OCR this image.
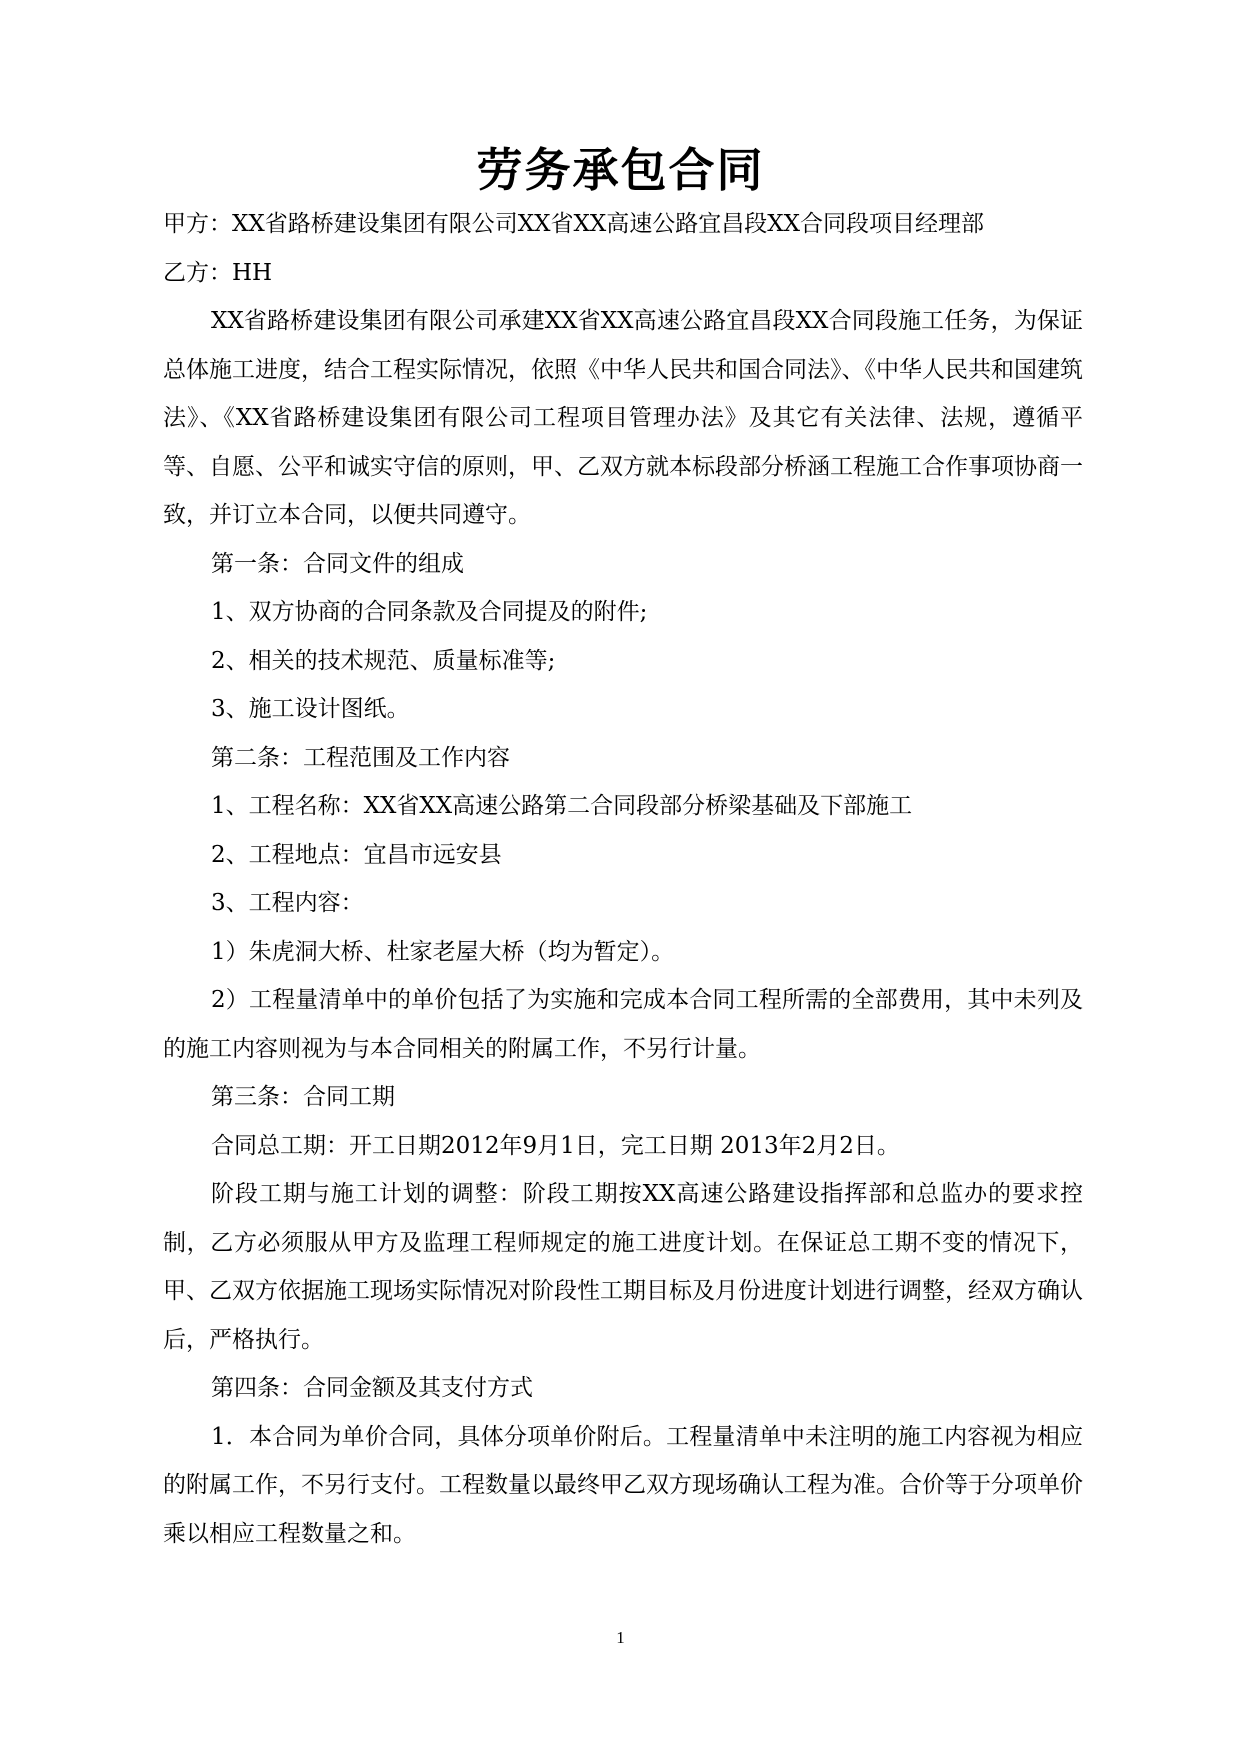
劳务承包合同

甲方：XX省路桥建设集团有限公司XX省XX高速公路宜昌段XX合同段项目经理部

乙方：HH

XX省路桥建设集团有限公司承建XX省XX高速公路宜昌段XX合同段施工任务，为保证总体施工进度，结合工程实际情况，依照《中华人民共和国合同法》、《中华人民共和国建筑法》、《XX省路桥建设集团有限公司工程项目管理办法》及其它有关法律、法规，遵循平等、自愿、公平和诚实守信的原则，甲、乙双方就本标段部分桥涵工程施工合作事项协商一致，并订立本合同，以便共同遵守。

第一条：合同文件的组成

1、双方协商的合同条款及合同提及的附件;

2、相关的技术规范、质量标准等;

3、施工设计图纸。

第二条：工程范围及工作内容

1、工程名称：XX省XX高速公路第二合同段部分桥梁基础及下部施工

2、工程地点：宜昌市远安县

3、工程内容：

1）朱虎洞大桥、杜家老屋大桥（均为暂定）。

2）工程量清单中的单价包括了为实施和完成本合同工程所需的全部费用，其中未列及的施工内容则视为与本合同相关的附属工作，不另行计量。

第三条：合同工期

合同总工期：开工日期2012年9月1日，完工日期 2013年2月2日。

阶段工期与施工计划的调整：阶段工期按XX高速公路建设指挥部和总监办的要求控制，乙方必须服从甲方及监理工程师规定的施工进度计划。在保证总工期不变的情况下，甲、乙双方依据施工现场实际情况对阶段性工期目标及月份进度计划进行调整，经双方确认后，严格执行。

第四条：合同金额及其支付方式

1．本合同为单价合同，具体分项单价附后。工程量清单中未注明的施工内容视为相应的附属工作，不另行支付。工程数量以最终甲乙双方现场确认工程为准。合价等于分项单价乘以相应工程数量之和。

1
